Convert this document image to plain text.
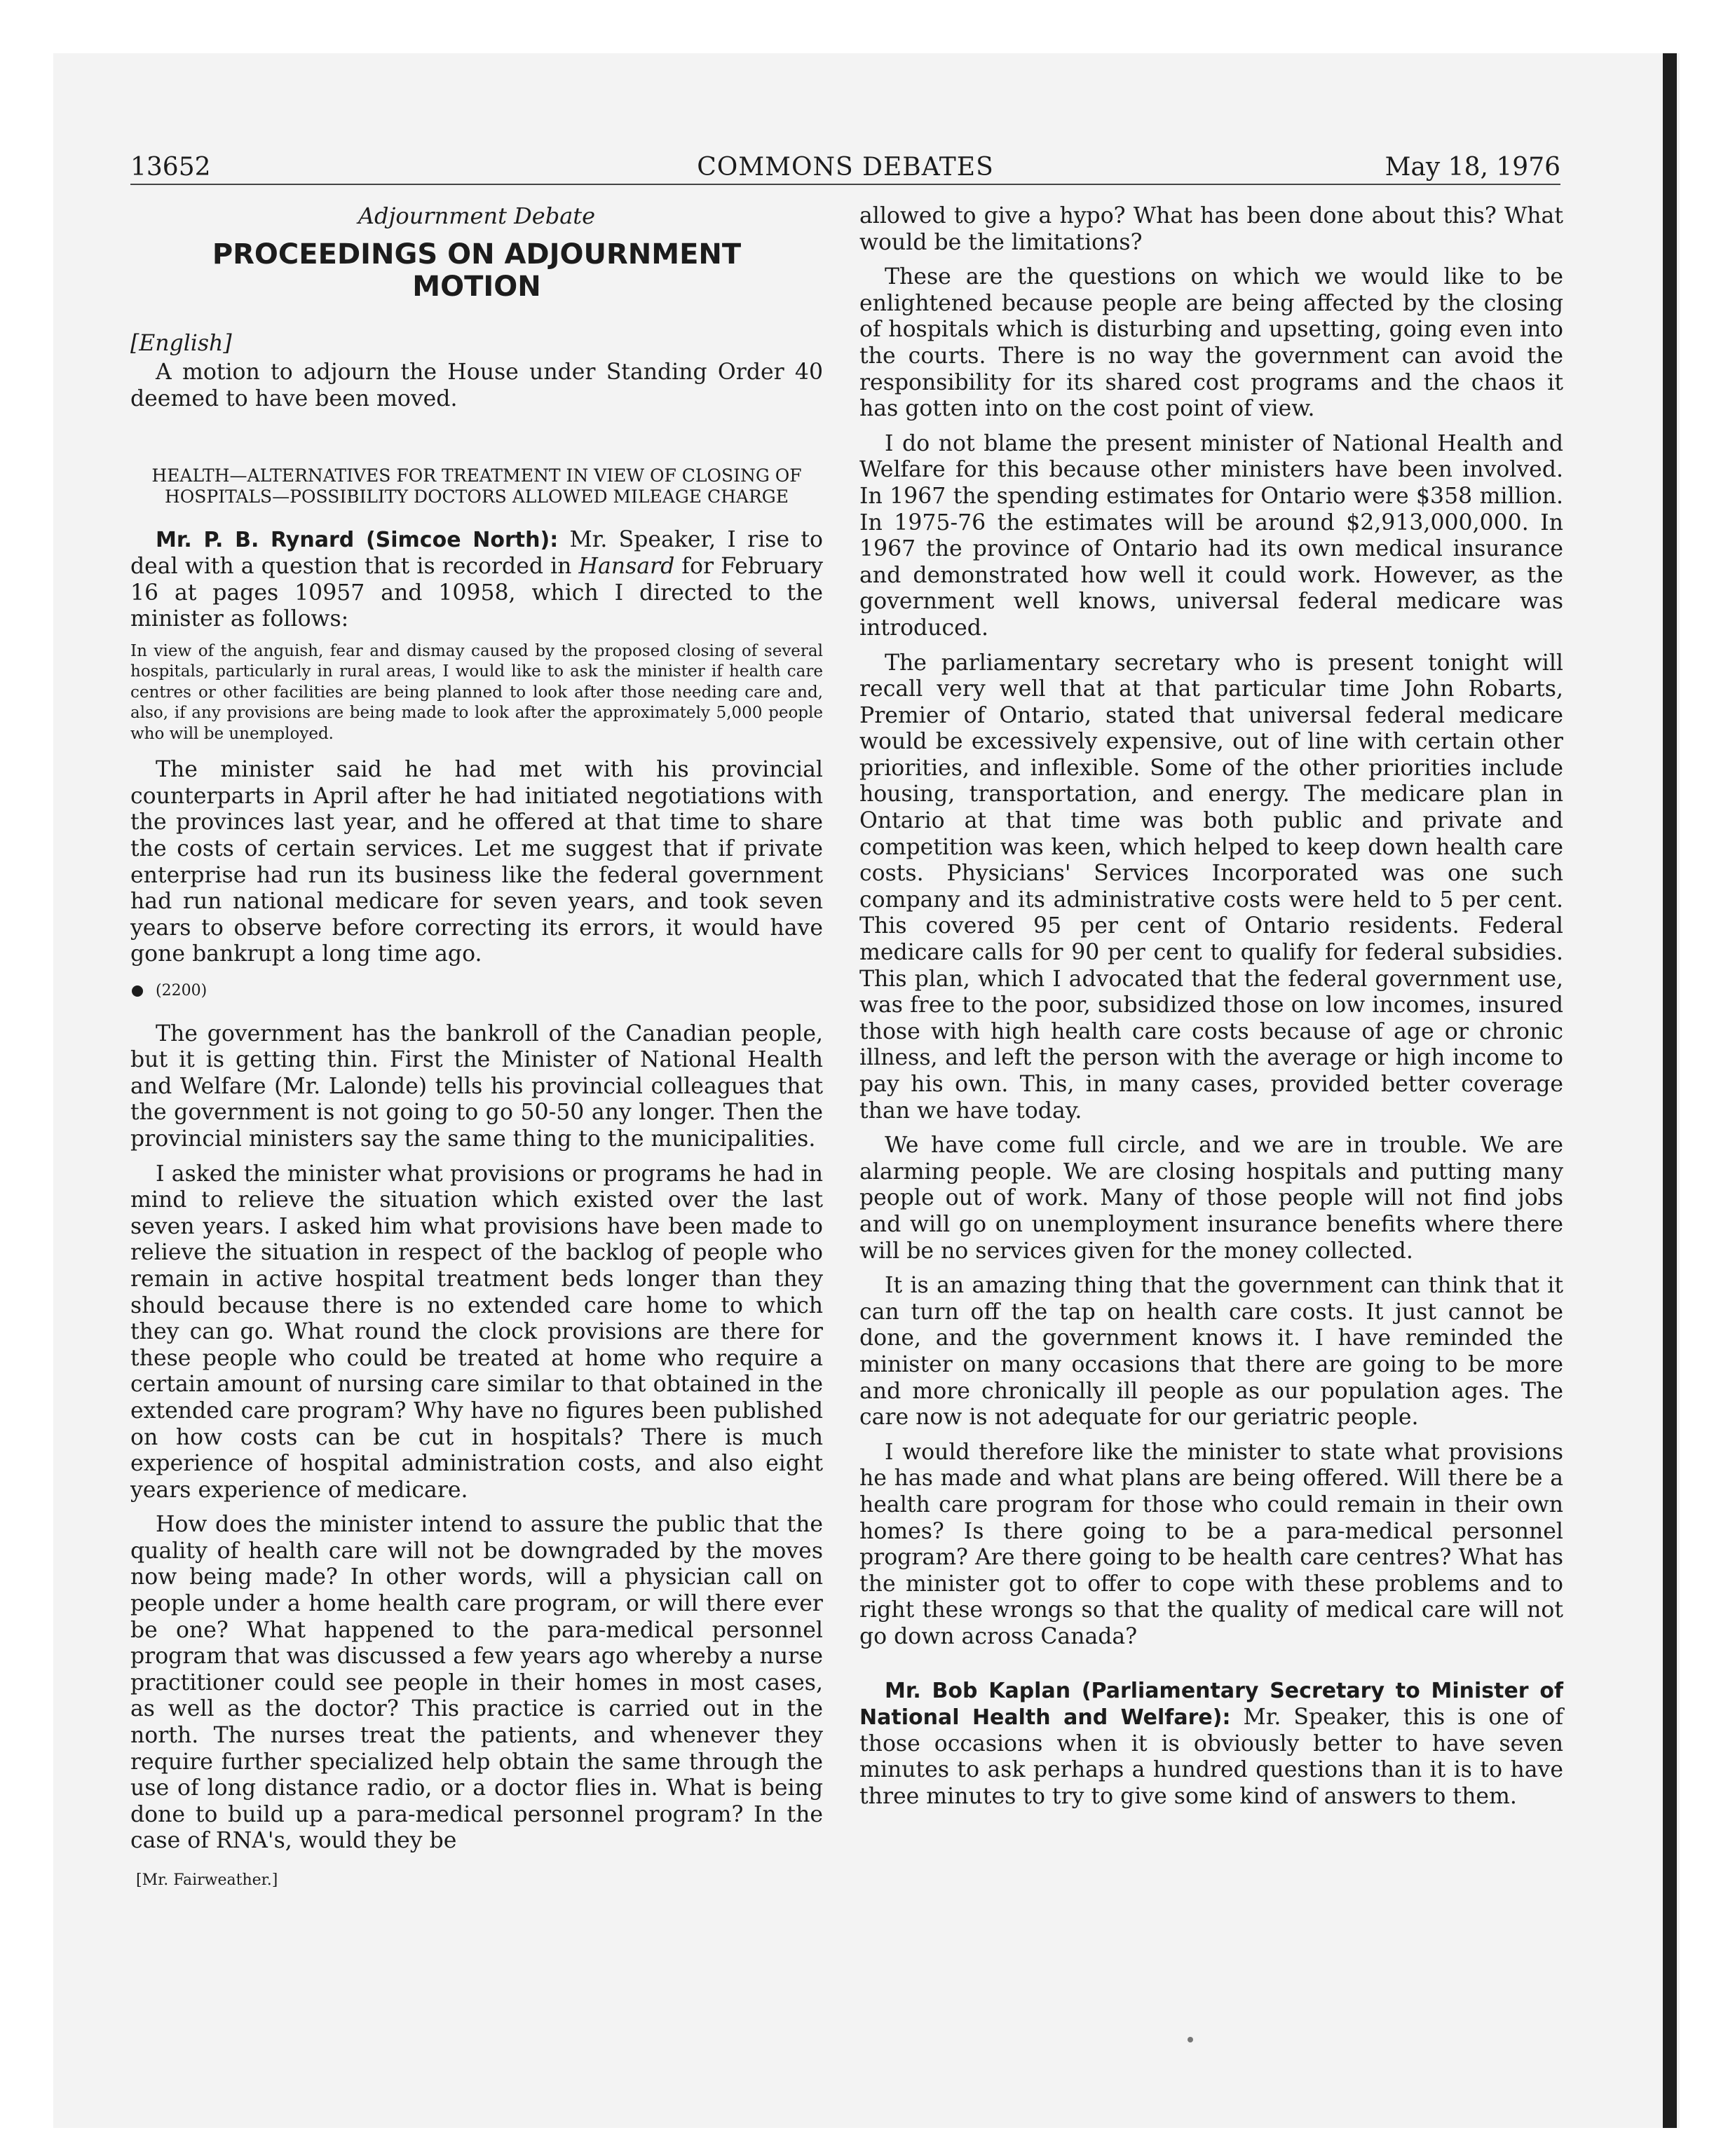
13652	COMMONS DEBATES	May 18, 1976
Adjournment Debate
PROCEEDINGS ON ADJOURNMENT MOTION
[English]
A motion to adjourn the House under Standing Order 40 deemed to have been moved.
HEALTH—ALTERNATIVES FOR TREATMENT IN VIEW OF CLOSING OF HOSPITALS—POSSIBILITY DOCTORS ALLOWED MILEAGE CHARGE

Mr. P. B. Rynard (Simcoe North): Mr. Speaker, I rise to deal with a question that is recorded in Hansard for February 16 at pages 10957 and 10958, which I directed to the minister as follows:

In view of the anguish, fear and dismay caused by the proposed closing of several hospitals, particularly in rural areas, I would like to ask the minister if health care centres or other facilities are being planned to look after those needing care and, also, if any provisions are being made to look after the approximately 5,000 people who will be unemployed.

The minister said he had met with his provincial counterparts in April after he had initiated negotiations with the provinces last year, and he offered at that time to share the costs of certain services. Let me suggest that if private enterprise had run its business like the federal government had run national medicare for seven years, and took seven years to observe before correcting its errors, it would have gone bankrupt a long time ago.

(2200)

The government has the bankroll of the Canadian people, but it is getting thin. First the Minister of National Health and Welfare (Mr. Lalonde) tells his provincial colleagues that the government is not going to go 50-50 any longer. Then the provincial ministers say the same thing to the municipalities.

I asked the minister what provisions or programs he had in mind to relieve the situation which existed over the last seven years. I asked him what provisions have been made to relieve the situation in respect of the backlog of people who remain in active hospital treatment beds longer than they should because there is no extended care home to which they can go. What round the clock provisions are there for these people who could be treated at home who require a certain amount of nursing care similar to that obtained in the extended care program? Why have no figures been published on how costs can be cut in hospitals? There is much experience of hospital administration costs, and also eight years experience of medicare.

How does the minister intend to assure the public that the quality of health care will not be downgraded by the moves now being made? In other words, will a physician call on people under a home health care program, or will there ever be one? What happened to the para-medical personnel program that was discussed a few years ago whereby a nurse practitioner could see people in their homes in most cases, as well as the doctor? This practice is carried out in the north. The nurses treat the patients, and whenever they require further specialized help obtain the same through the use of long distance radio, or a doctor flies in. What is being done to build up a para-medical personnel program? In the case of RNA's, would they be

[Mr. Fairweather.]

allowed to give a hypo? What has been done about this? What would be the limitations?

These are the questions on which we would like to be enlightened because people are being affected by the closing of hospitals which is disturbing and upsetting, going even into the courts. There is no way the government can avoid the responsibility for its shared cost programs and the chaos it has gotten into on the cost point of view.

I do not blame the present minister of National Health and Welfare for this because other ministers have been involved. In 1967 the spending estimates for Ontario were $358 million. In 1975-76 the estimates will be around $2,913,000,000. In 1967 the province of Ontario had its own medical insurance and demonstrated how well it could work. However, as the government well knows, universal federal medicare was introduced.

The parliamentary secretary who is present tonight will recall very well that at that particular time John Robarts, Premier of Ontario, stated that universal federal medicare would be excessively expensive, out of line with certain other priorities, and inflexible. Some of the other priorities include housing, transportation, and energy. The medicare plan in Ontario at that time was both public and private and competition was keen, which helped to keep down health care costs. Physicians' Services Incorporated was one such company and its administrative costs were held to 5 per cent. This covered 95 per cent of Ontario residents. Federal medicare calls for 90 per cent to qualify for federal subsidies. This plan, which I advocated that the federal government use, was free to the poor, subsidized those on low incomes, insured those with high health care costs because of age or chronic illness, and left the person with the average or high income to pay his own. This, in many cases, provided better coverage than we have today.

We have come full circle, and we are in trouble. We are alarming people. We are closing hospitals and putting many people out of work. Many of those people will not find jobs and will go on unemployment insurance benefits where there will be no services given for the money collected.

It is an amazing thing that the government can think that it can turn off the tap on health care costs. It just cannot be done, and the government knows it. I have reminded the minister on many occasions that there are going to be more and more chronically ill people as our population ages. The care now is not adequate for our geriatric people.

I would therefore like the minister to state what provisions he has made and what plans are being offered. Will there be a health care program for those who could remain in their own homes? Is there going to be a para-medical personnel program? Are there going to be health care centres? What has the minister got to offer to cope with these problems and to right these wrongs so that the quality of medical care will not go down across Canada?

Mr. Bob Kaplan (Parliamentary Secretary to Minister of National Health and Welfare): Mr. Speaker, this is one of those occasions when it is obviously better to have seven minutes to ask perhaps a hundred questions than it is to have three minutes to try to give some kind of answers to them.
